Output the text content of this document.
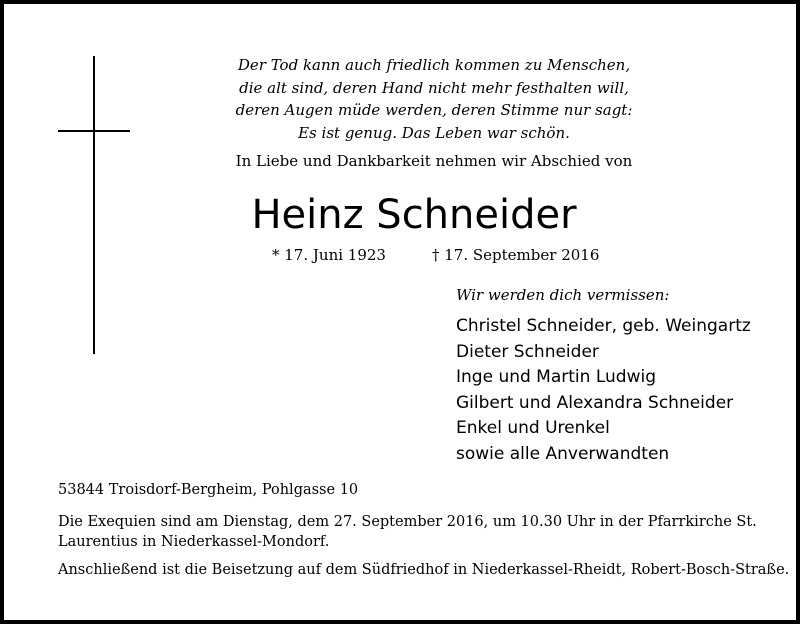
Der Tod kann auch friedlich kommen zu Menschen,
die alt sind, deren Hand nicht mehr festhalten will,
deren Augen müde werden, deren Stimme nur sagt:
Es ist genug. Das Leben war schön.
In Liebe und Dankbarkeit nehmen wir Abschied von
Heinz Schneider
* 17. Juni 1923	† 17. September 2016
Wir werden dich vermissen:
Christel Schneider, geb. Weingartz
Dieter Schneider
Inge und Martin Ludwig
Gilbert und Alexandra Schneider
Enkel und Urenkel
sowie alle Anverwandten
53844 Troisdorf-Bergheim, Pohlgasse 10
Die Exequien sind am Dienstag, dem 27. September 2016, um 10.30 Uhr in der Pfarrkirche St.
Laurentius in Niederkassel-Mondorf.
Anschließend ist die Beisetzung auf dem Südfriedhof in Niederkassel-Rheidt, Robert-Bosch-Straße.
